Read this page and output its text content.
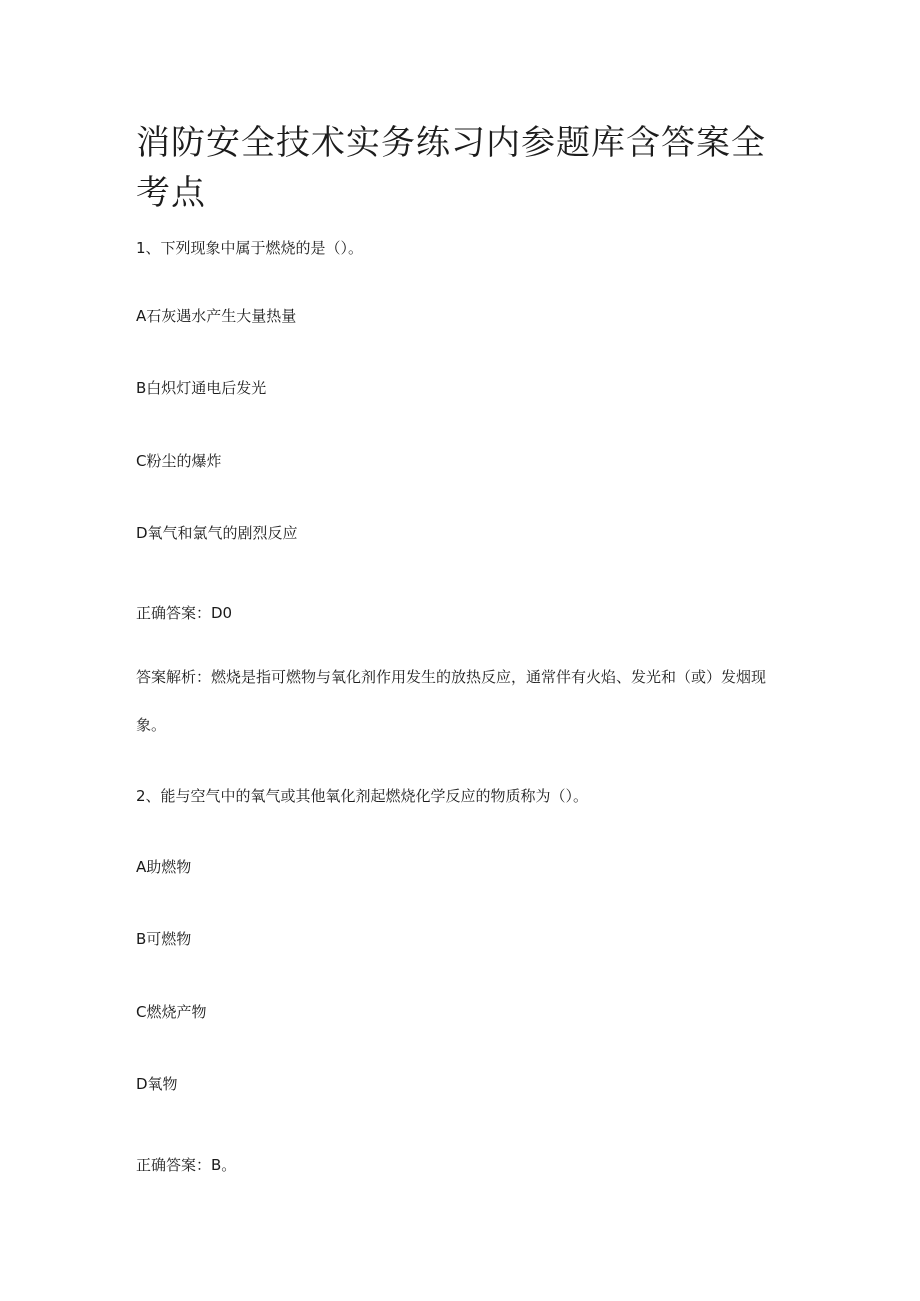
消防安全技术实务练习内参题库含答案全考点

1、下列现象中属于燃烧的是（）。

A石灰遇水产生大量热量

B白炽灯通电后发光

C粉尘的爆炸

D氧气和氯气的剧烈反应

正确答案：D0

答案解析：燃烧是指可燃物与氧化剂作用发生的放热反应，通常伴有火焰、发光和（或）发烟现象。

2、能与空气中的氧气或其他氧化剂起燃烧化学反应的物质称为（）。

A助燃物

B可燃物

C燃烧产物

D氧物

正确答案：B。
